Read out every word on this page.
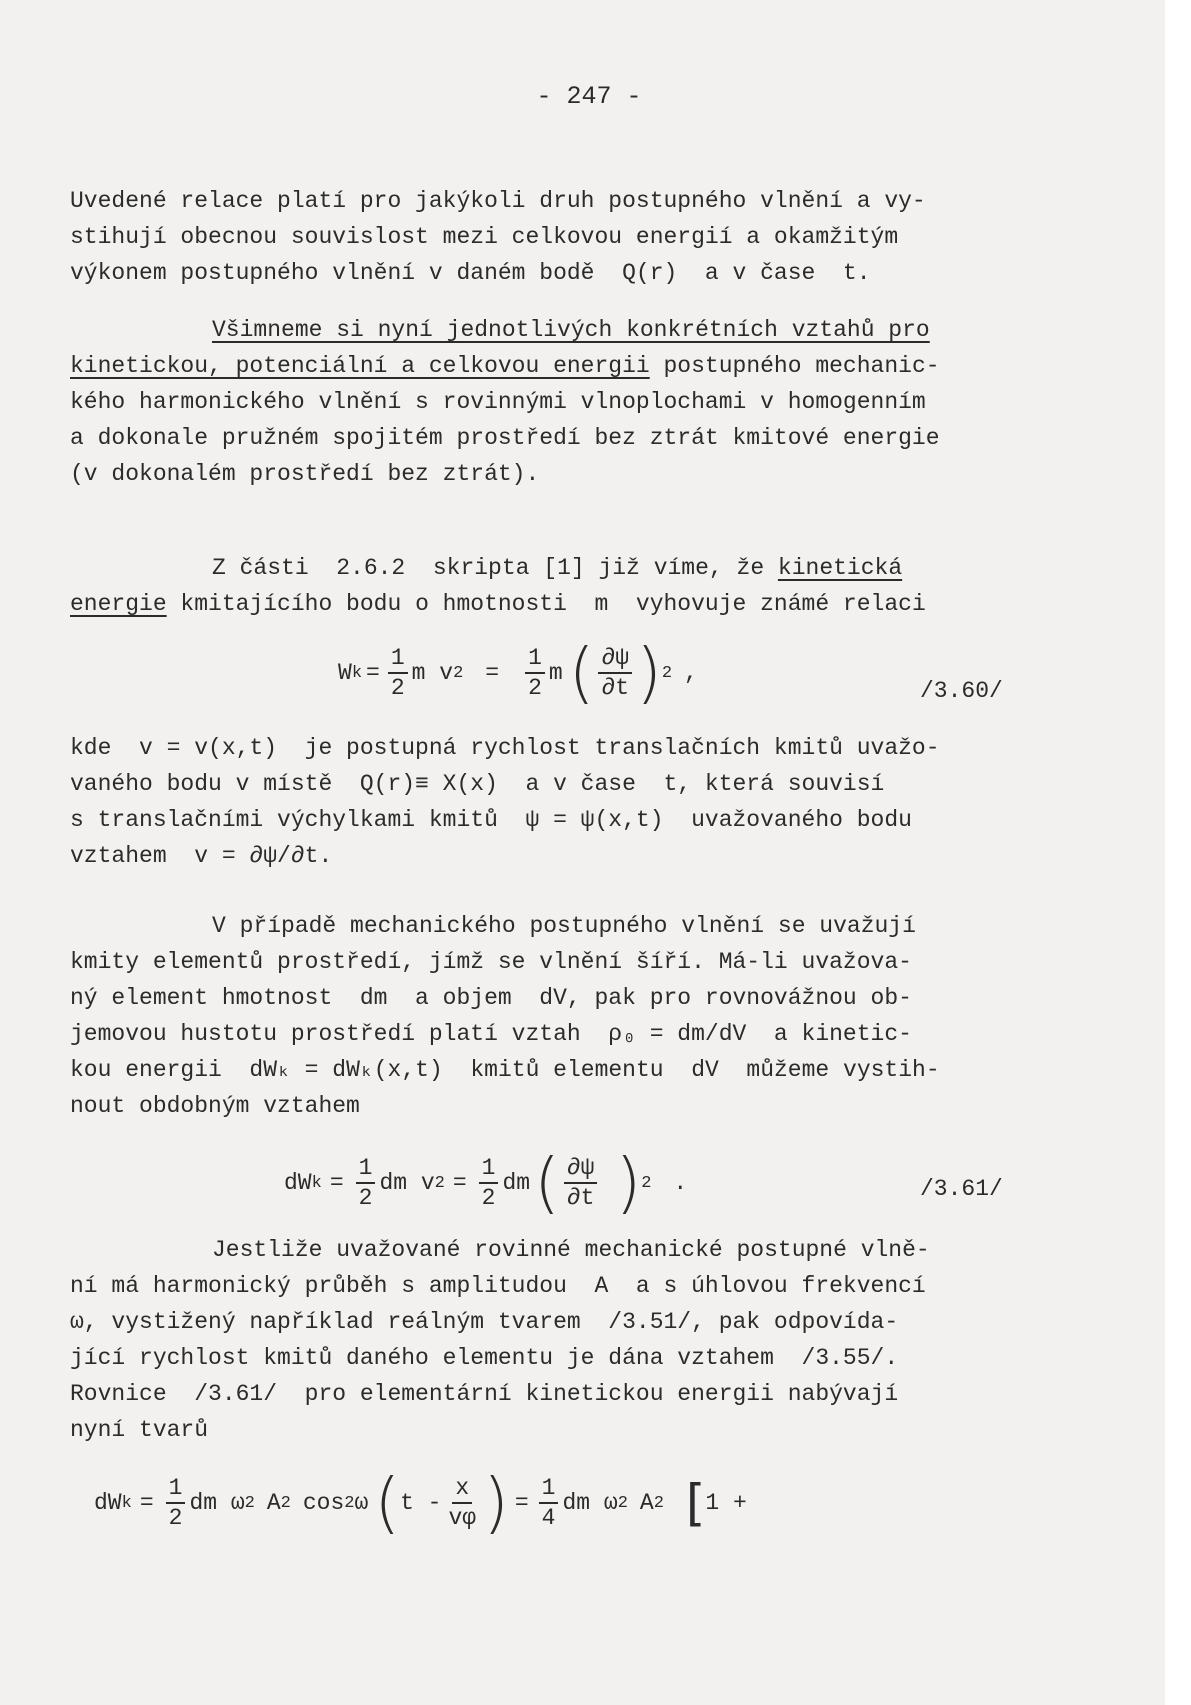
- 247 -
Uvedené relace platí pro jakýkoli druh postupného vlnění a vy-
stihují obecnou souvislost mezi celkovou energií a okamžitým
výkonem postupného vlnění v daném bodě  Q(r)  a v čase  t.
Všimneme si nyní jednotlivých konkrétních vztahů pro
kinetickou, potenciální a celkovou energii postupného mechanic-
kého harmonického vlnění s rovinnými vlnoplochami v homogenním
a dokonale pružném spojitém prostředí bez ztrát kmitové energie
(v dokonalém prostředí bez ztrát).
Z části  2.6.2  skripta [1] již víme, že kinetická
energie kmitajícího bodu o hmotnosti  m  vyhovuje známé relaci
W $k = \frac{1}{2}$ m v $2 = \frac{1}{2}$ m ( $\frac{\partial\psi}{\partial t}$ ) 2 ,
/3.60/
kde  v = v(x,t)  je postupná rychlost translačních kmitů uvažo-
vaného bodu v místě  Q(r)≡ X(x)  a v čase  t, která souvisí
s translačními výchylkami kmitů  ψ = ψ(x,t)  uvažovaného bodu
vztahem  v = ∂ψ/∂t.
V případě mechanického postupného vlnění se uvažují
kmity elementů prostředí, jímž se vlnění šíří. Má-li uvažova-
ný element hmotnost  dm  a objem  dV, pak pro rovnovážnou ob-
jemovou hustotu prostředí platí vztah  ρ₀ = dm/dV  a kinetic-
kou energii  dWₖ = dWₖ(x,t)  kmitů elementu  dV  můžeme vystih-
nout obdobným vztahem
dW $k = \frac{1}{2}$ dm v $2 = \frac{1}{2}$ dm ( $\frac{\partial\psi}{\partial t}$ ) 2 .	/3.61/
Jestliže uvažované rovinné mechanické postupné vlně-
ní má harmonický průběh s amplitudou  A  a s úhlovou frekvencí
ω, vystižený například reálným tvarem  /3.51/, pak odpovída-
jící rychlost kmitů daného elementu je dána vztahem  /3.55/.
Rovnice  /3.61/  pro elementární kinetickou energii nabývají
nyní tvarů
dW $k = \frac{1}{2}$ dm ω 2 A 2 cos 2 ω ( t - $\frac{x}{v\varphi}$ ) = $\frac{1}{4}$ dm ω 2 A 2 [ 1 +
